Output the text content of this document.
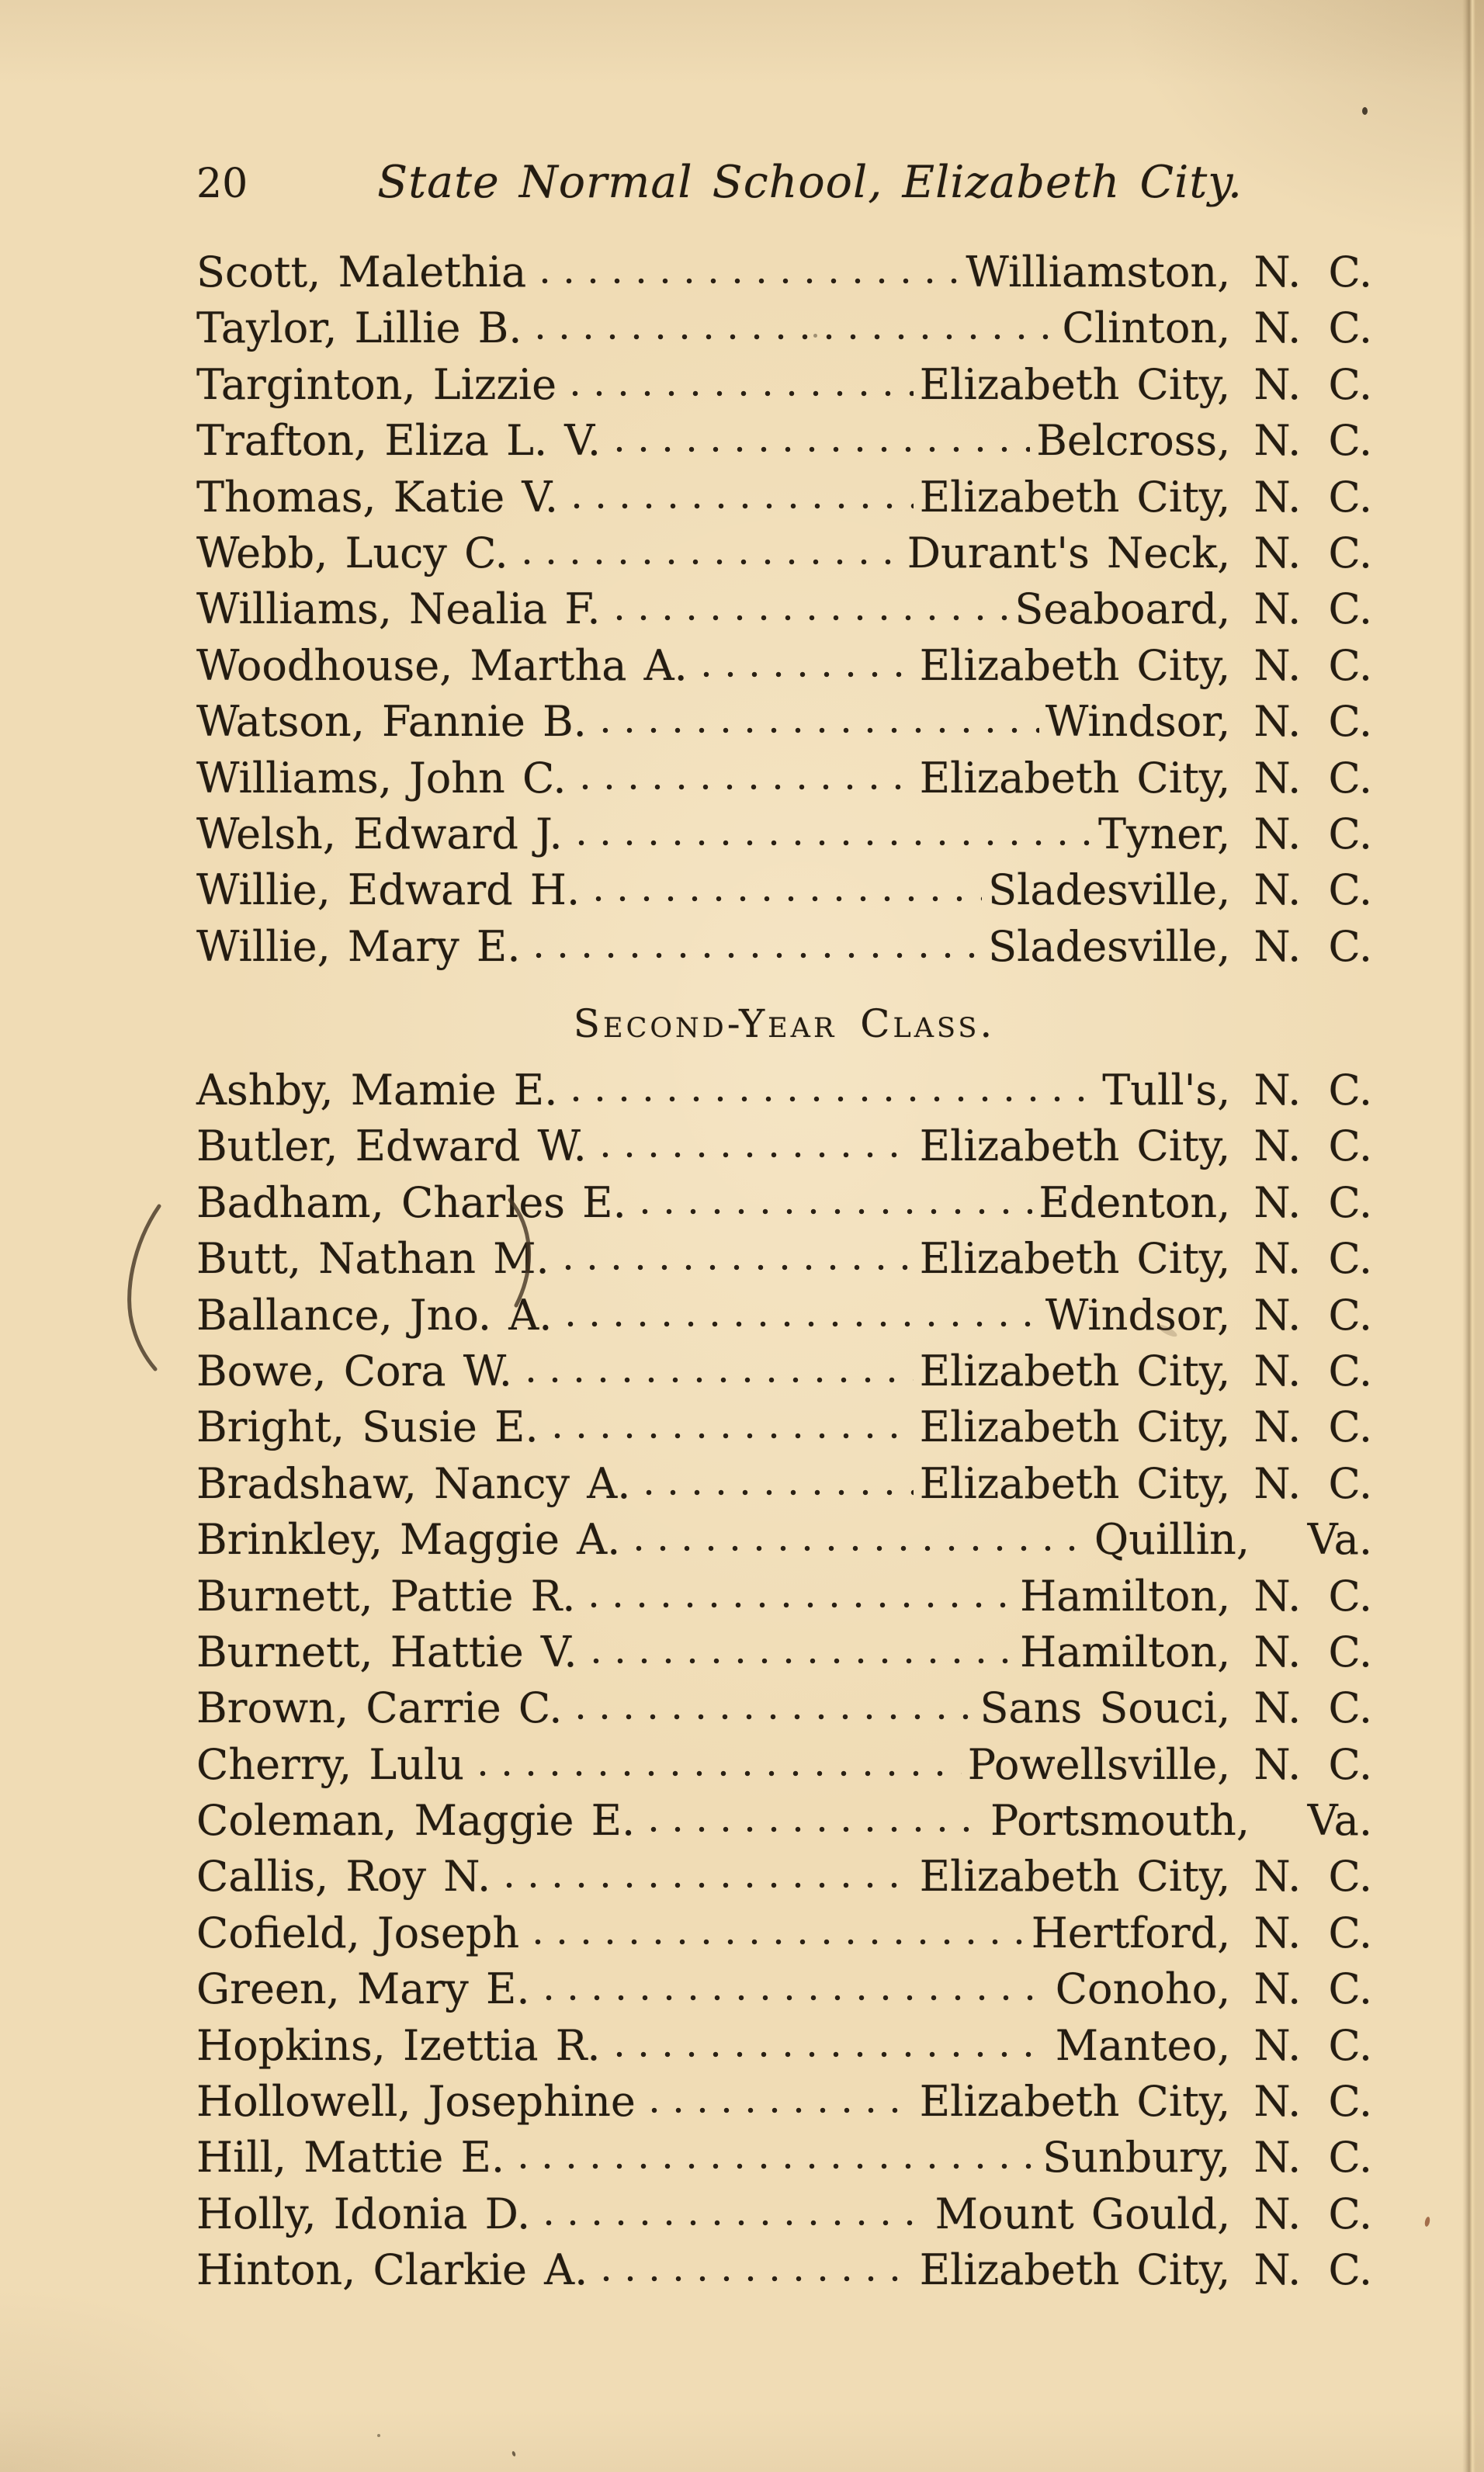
20	State Normal School, Elizabeth City.
Scott, Malethia	Williamston, N. C.
Taylor, Lillie B.	Clinton, N. C.
Targinton, Lizzie	Elizabeth City, N. C.
Trafton, Eliza L. V.	Belcross, N. C.
Thomas, Katie V.	Elizabeth City, N. C.
Webb, Lucy C.	Durant's Neck, N. C.
Williams, Nealia F.	Seaboard, N. C.
Woodhouse, Martha A.	Elizabeth City, N. C.
Watson, Fannie B.	Windsor, N. C.
Williams, John C.	Elizabeth City, N. C.
Welsh, Edward J.	Tyner, N. C.
Willie, Edward H.	Sladesville, N. C.
Willie, Mary E.	Sladesville, N. C.
Second-Year Class.
Ashby, Mamie E.	Tull's, N. C.
Butler, Edward W.	Elizabeth City, N. C.
Badham, Charles E.	Edenton, N. C.
Butt, Nathan M.	Elizabeth City, N. C.
Ballance, Jno. A.	Windsor, N. C.
Bowe, Cora W.	Elizabeth City, N. C.
Bright, Susie E.	Elizabeth City, N. C.
Bradshaw, Nancy A.	Elizabeth City, N. C.
Brinkley, Maggie A.	Quillin,	Va.
Burnett, Pattie R.	Hamilton, N. C.
Burnett, Hattie V.	Hamilton, N. C.
Brown, Carrie C.	Sans Souci, N. C.
Cherry, Lulu	Powellsville, N. C.
Coleman, Maggie E.	Portsmouth,	Va.
Callis, Roy N.	Elizabeth City, N. C.
Cofield, Joseph	Hertford, N. C.
Green, Mary E.	Conoho, N. C.
Hopkins, Izettia R.	Manteo, N. C.
Hollowell, Josephine	Elizabeth City, N. C.
Hill, Mattie E.	Sunbury, N. C.
Holly, Idonia D.	Mount Gould, N. C.
Hinton, Clarkie A.	Elizabeth City, N. C.
